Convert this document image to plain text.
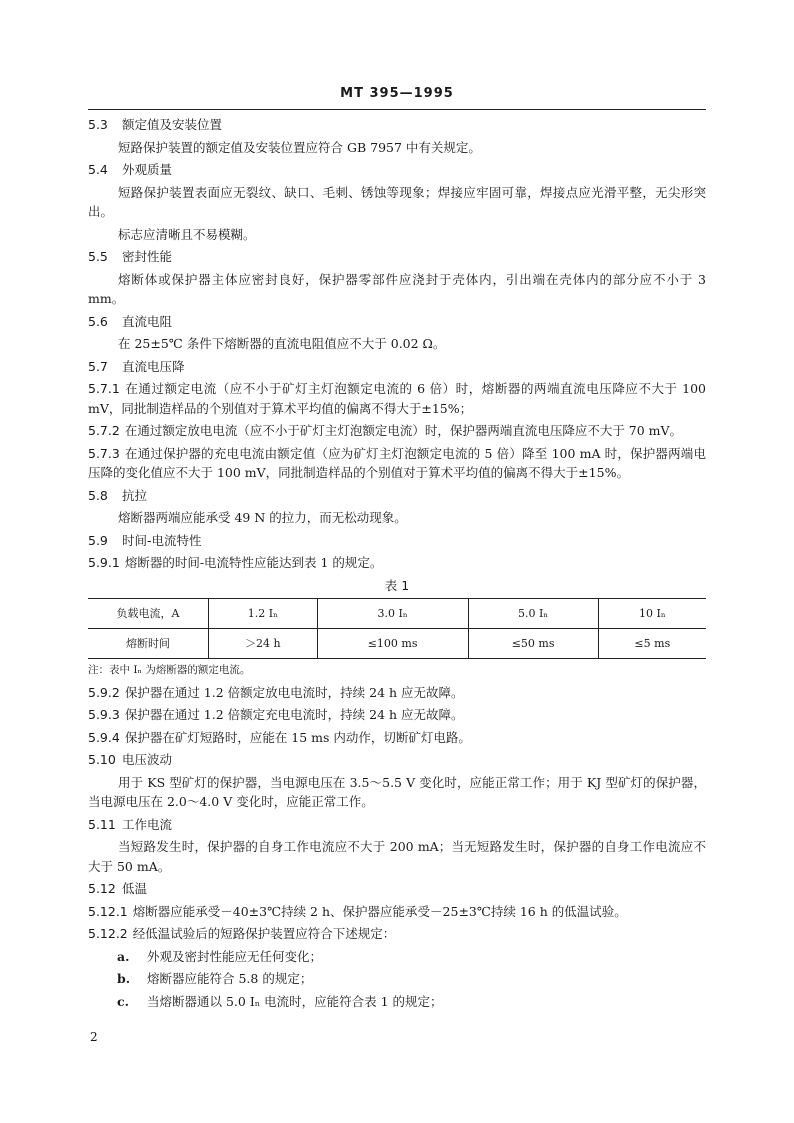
MT 395—1995
5.3 额定值及安装位置
短路保护装置的额定值及安装位置应符合 GB 7957 中有关规定。
5.4 外观质量
短路保护装置表面应无裂纹、缺口、毛刺、锈蚀等现象；焊接应牢固可靠，焊接点应光滑平整，无尖形突出。
标志应清晰且不易模糊。
5.5 密封性能
熔断体或保护器主体应密封良好，保护器零部件应浇封于壳体内，引出端在壳体内的部分应不小于 3 mm。
5.6 直流电阻
在 25±5℃ 条件下熔断器的直流电阻值应不大于 0.02 Ω。
5.7 直流电压降
5.7.1 在通过额定电流（应不小于矿灯主灯泡额定电流的 6 倍）时，熔断器的两端直流电压降应不大于 100 mV，同批制造样品的个别值对于算术平均值的偏离不得大于±15%；
5.7.2 在通过额定放电电流（应不小于矿灯主灯泡额定电流）时，保护器两端直流电压降应不大于 70 mV。
5.7.3 在通过保护器的充电电流由额定值（应为矿灯主灯泡额定电流的 5 倍）降至 100 mA 时，保护器两端电压降的变化值应不大于 100 mV，同批制造样品的个别值对于算术平均值的偏离不得大于±15%。
5.8 抗拉
熔断器两端应能承受 49 N 的拉力，而无松动现象。
5.9 时间-电流特性
5.9.1 熔断器的时间-电流特性应能达到表 1 的规定。
表 1
负载电流，A	1.2 Iₙ	3.0 Iₙ	5.0 Iₙ	10 Iₙ
熔断时间	＞24 h	≤100 ms	≤50 ms	≤5 ms
注：表中 Iₙ 为熔断器的额定电流。
5.9.2 保护器在通过 1.2 倍额定放电电流时，持续 24 h 应无故障。
5.9.3 保护器在通过 1.2 倍额定充电电流时，持续 24 h 应无故障。
5.9.4 保护器在矿灯短路时，应能在 15 ms 内动作，切断矿灯电路。
5.10 电压波动
用于 KS 型矿灯的保护器，当电源电压在 3.5～5.5 V 变化时，应能正常工作；用于 KJ 型矿灯的保护器，当电源电压在 2.0～4.0 V 变化时，应能正常工作。
5.11 工作电流
当短路发生时，保护器的自身工作电流应不大于 200 mA；当无短路发生时，保护器的自身工作电流应不大于 50 mA。
5.12 低温
5.12.1 熔断器应能承受－40±3℃持续 2 h、保护器应能承受－25±3℃持续 16 h 的低温试验。
5.12.2 经低温试验后的短路保护装置应符合下述规定：
a. 外观及密封性能应无任何变化；
b. 熔断器应能符合 5.8 的规定；
c. 当熔断器通以 5.0 Iₙ 电流时，应能符合表 1 的规定；
2
